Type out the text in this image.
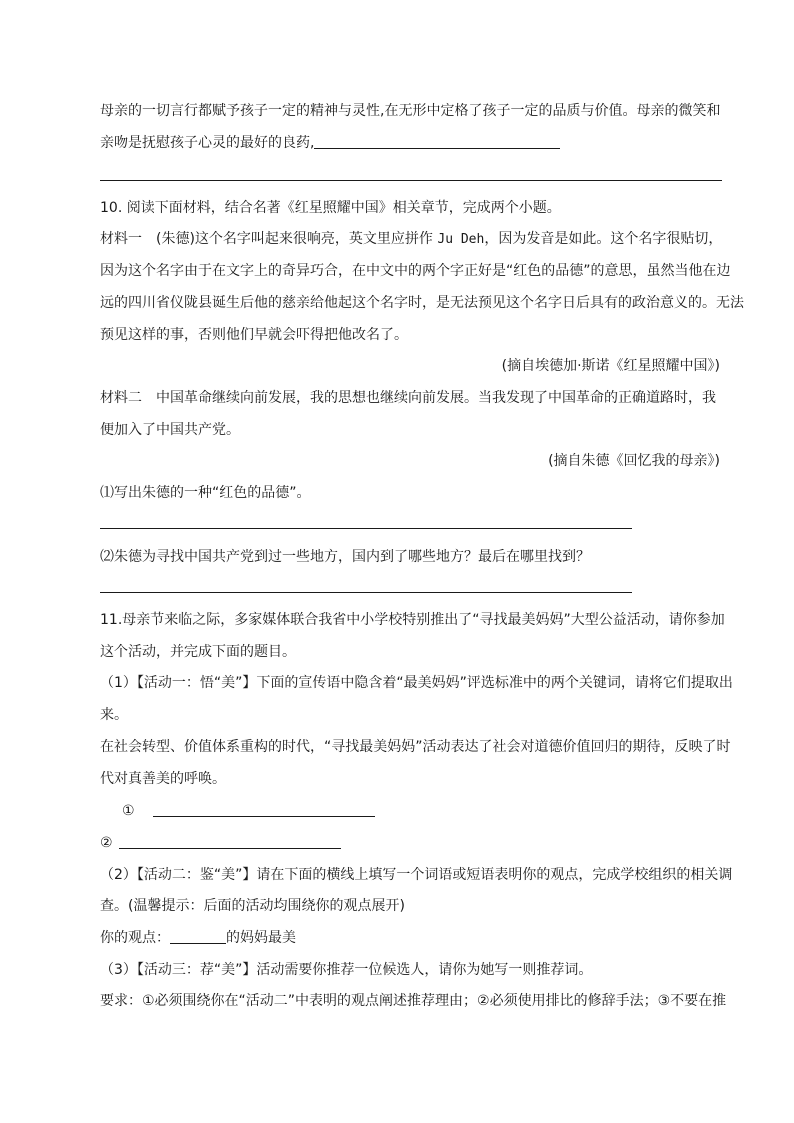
母亲的一切言行都赋予孩子一定的精神与灵性,在无形中定格了孩子一定的品质与价值。母亲的微笑和
亲吻是抚慰孩子心灵的最好的良药,
10. 阅读下面材料，结合名著《红星照耀中国》相关章节，完成两个小题。
材料一　(朱德)这个名字叫起来很响亮，英文里应拼作 Ju Deh，因为发音是如此。这个名字很贴切，
因为这个名字由于在文字上的奇异巧合，在中文中的两个字正好是“红色的品德”的意思，虽然当他在边
远的四川省仪陇县诞生后他的慈亲给他起这个名字时，是无法预见这个名字日后具有的政治意义的。无法
预见这样的事，否则他们早就会吓得把他改名了。
(摘自埃德加·斯诺《红星照耀中国》)
材料二　中国革命继续向前发展，我的思想也继续向前发展。当我发现了中国革命的正确道路时，我
便加入了中国共产党。
(摘自朱德《回忆我的母亲》)
⑴写出朱德的一种“红色的品德”。
⑵朱德为寻找中国共产党到过一些地方，国内到了哪些地方？最后在哪里找到？
11.母亲节来临之际，多家媒体联合我省中小学校特别推出了“寻找最美妈妈”大型公益活动，请你参加
这个活动，并完成下面的题目。
（1）【活动一：悟“美”】下面的宣传语中隐含着“最美妈妈”评选标准中的两个关键词，请将它们提取出
来。
在社会转型、价值体系重构的时代，“寻找最美妈妈”活动表达了社会对道德价值回归的期待，反映了时
代对真善美的呼唤。
①
②
（2）【活动二：鉴“美”】请在下面的横线上填写一个词语或短语表明你的观点，完成学校组织的相关调
查。(温馨提示：后面的活动均围绕你的观点展开)
你的观点：	的妈妈最美
（3）【活动三：荐“美”】活动需要你推荐一位候选人，请你为她写一则推荐词。
要求：①必须围绕你在“活动二”中表明的观点阐述推荐理由；②必须使用排比的修辞手法；③不要在推
